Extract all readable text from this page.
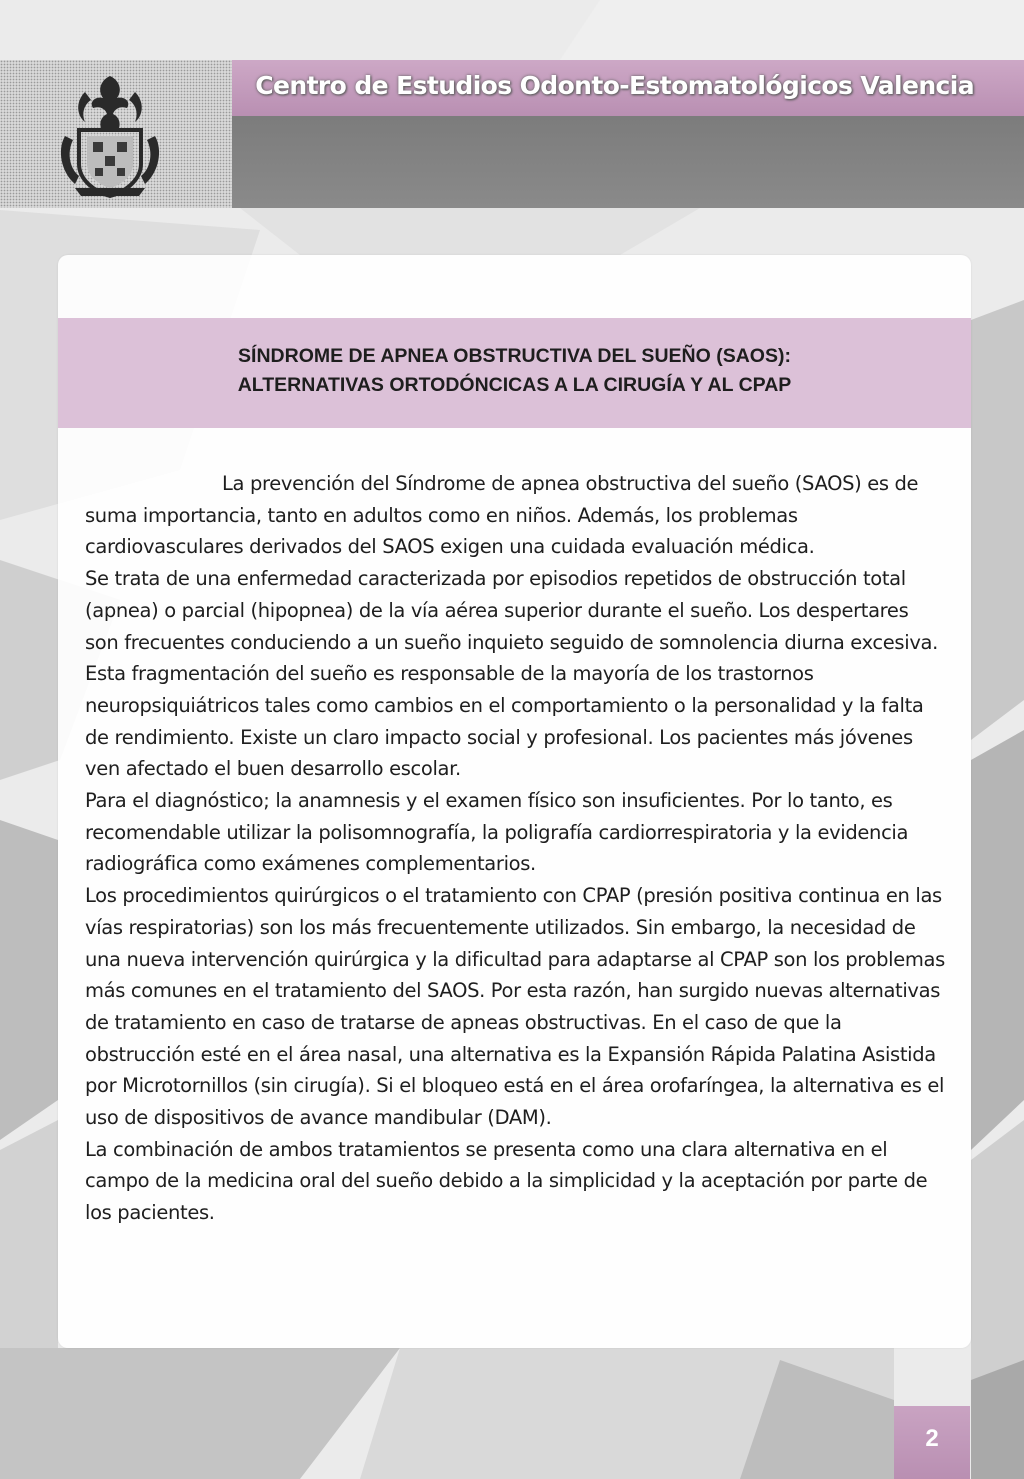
Centro de Estudios Odonto-Estomatológicos Valencia
SÍNDROME DE APNEA OBSTRUCTIVA DEL SUEÑO (SAOS):
ALTERNATIVAS ORTODÓNCICAS A LA CIRUGÍA Y AL CPAP

La prevención del Síndrome de apnea obstructiva del sueño (SAOS) es de suma importancia, tanto en adultos como en niños. Además, los problemas cardiovasculares derivados del SAOS exigen una cuidada evaluación médica.

Se trata de una enfermedad caracterizada por episodios repetidos de obstrucción total (apnea) o parcial (hipopnea) de la vía aérea superior durante el sueño. Los despertares son frecuentes conduciendo a un sueño inquieto seguido de somnolencia diurna excesiva. Esta fragmentación del sueño es responsable de la mayoría de los trastornos neuropsiquiátricos tales como cambios en el comportamiento o la personalidad y la falta de rendimiento. Existe un claro impacto social y profesional. Los pacientes más jóvenes ven afectado el buen desarrollo escolar.

Para el diagnóstico; la anamnesis y el examen físico son insuficientes. Por lo tanto, es recomendable utilizar la polisomnografía, la poligrafía cardiorrespiratoria y la evidencia radiográfica como exámenes complementarios.

Los procedimientos quirúrgicos o el tratamiento con CPAP (presión positiva continua en las vías respiratorias) son los más frecuentemente utilizados. Sin embargo, la necesidad de una nueva intervención quirúrgica y la dificultad para adaptarse al CPAP son los problemas más comunes en el tratamiento del SAOS. Por esta razón, han surgido nuevas alternativas de tratamiento en caso de tratarse de apneas obstructivas. En el caso de que la obstrucción esté en el área nasal, una alternativa es la Expansión Rápida Palatina Asistida por Microtornillos (sin cirugía). Si el bloqueo está en el área orofaríngea, la alternativa es el uso de dispositivos de avance mandibular (DAM).

La combinación de ambos tratamientos se presenta como una clara alternativa en el campo de la medicina oral del sueño debido a la simplicidad y la aceptación por parte de los pacientes.

2
